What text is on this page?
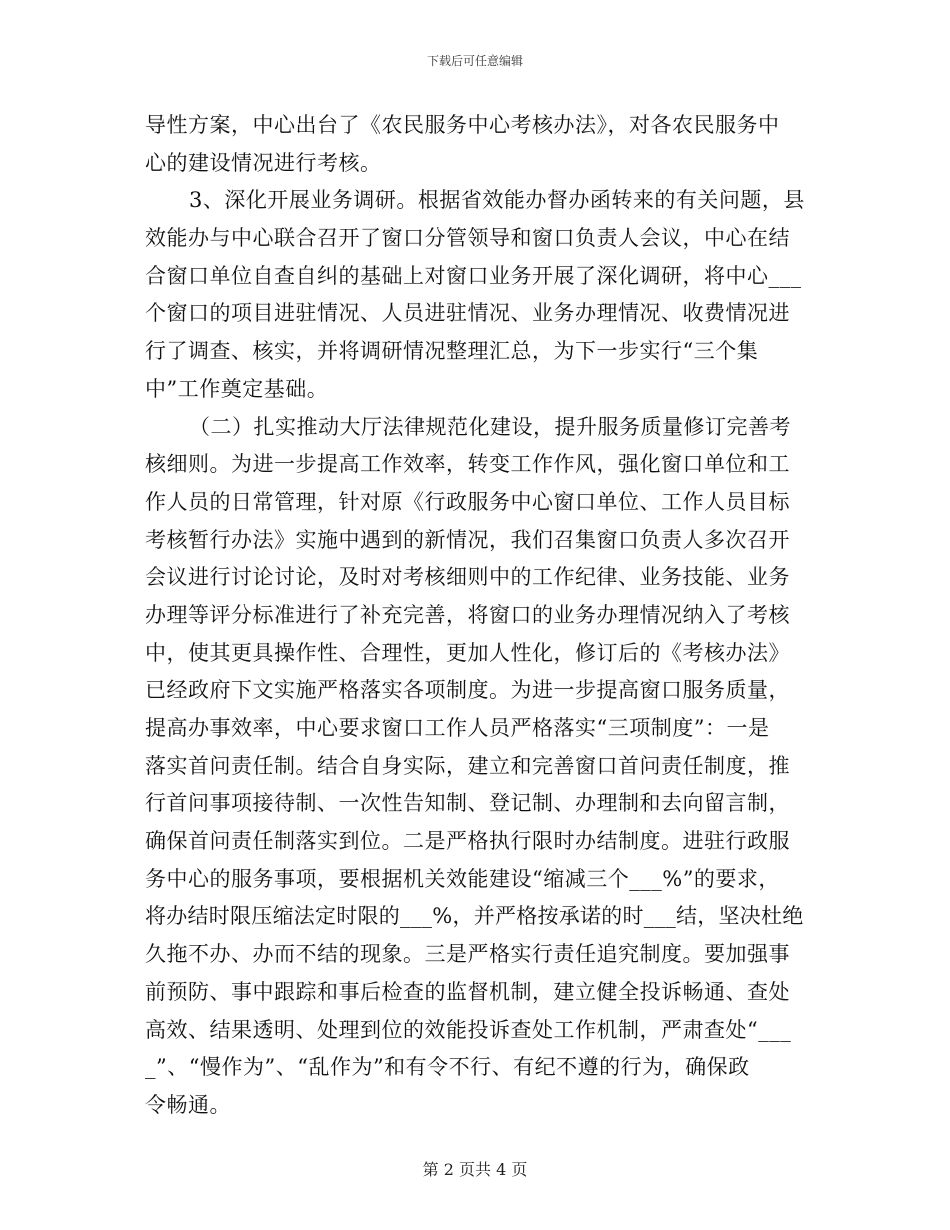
下载后可任意编辑
导性方案，中心出台了《农民服务中心考核办法》，对各农民服务中
心的建设情况进行考核。
3、深化开展业务调研。根据省效能办督办函转来的有关问题，县
效能办与中心联合召开了窗口分管领导和窗口负责人会议，中心在结
合窗口单位自查自纠的基础上对窗口业务开展了深化调研，将中心___
个窗口的项目进驻情况、人员进驻情况、业务办理情况、收费情况进
行了调查、核实，并将调研情况整理汇总，为下一步实行“三个集
中”工作奠定基础。
（二）扎实推动大厅法律规范化建设，提升服务质量修订完善考
核细则。为进一步提高工作效率，转变工作作风，强化窗口单位和工
作人员的日常管理，针对原《行政服务中心窗口单位、工作人员目标
考核暂行办法》实施中遇到的新情况，我们召集窗口负责人多次召开
会议进行讨论讨论，及时对考核细则中的工作纪律、业务技能、业务
办理等评分标准进行了补充完善，将窗口的业务办理情况纳入了考核
中，使其更具操作性、合理性，更加人性化，修订后的《考核办法》
已经政府下文实施严格落实各项制度。为进一步提高窗口服务质量，
提高办事效率，中心要求窗口工作人员严格落实“三项制度”：一是
落实首问责任制。结合自身实际，建立和完善窗口首问责任制度，推
行首问事项接待制、一次性告知制、登记制、办理制和去向留言制，
确保首问责任制落实到位。二是严格执行限时办结制度。进驻行政服
务中心的服务事项，要根据机关效能建设“缩减三个___%”的要求，
将办结时限压缩法定时限的___%，并严格按承诺的时___结，坚决杜绝
久拖不办、办而不结的现象。三是严格实行责任追究制度。要加强事
前预防、事中跟踪和事后检查的监督机制，建立健全投诉畅通、查处
高效、结果透明、处理到位的效能投诉查处工作机制，严肃查处“___
_”、“慢作为”、“乱作为”和有令不行、有纪不遵的行为，确保政
令畅通。
第 2 页共 4 页
